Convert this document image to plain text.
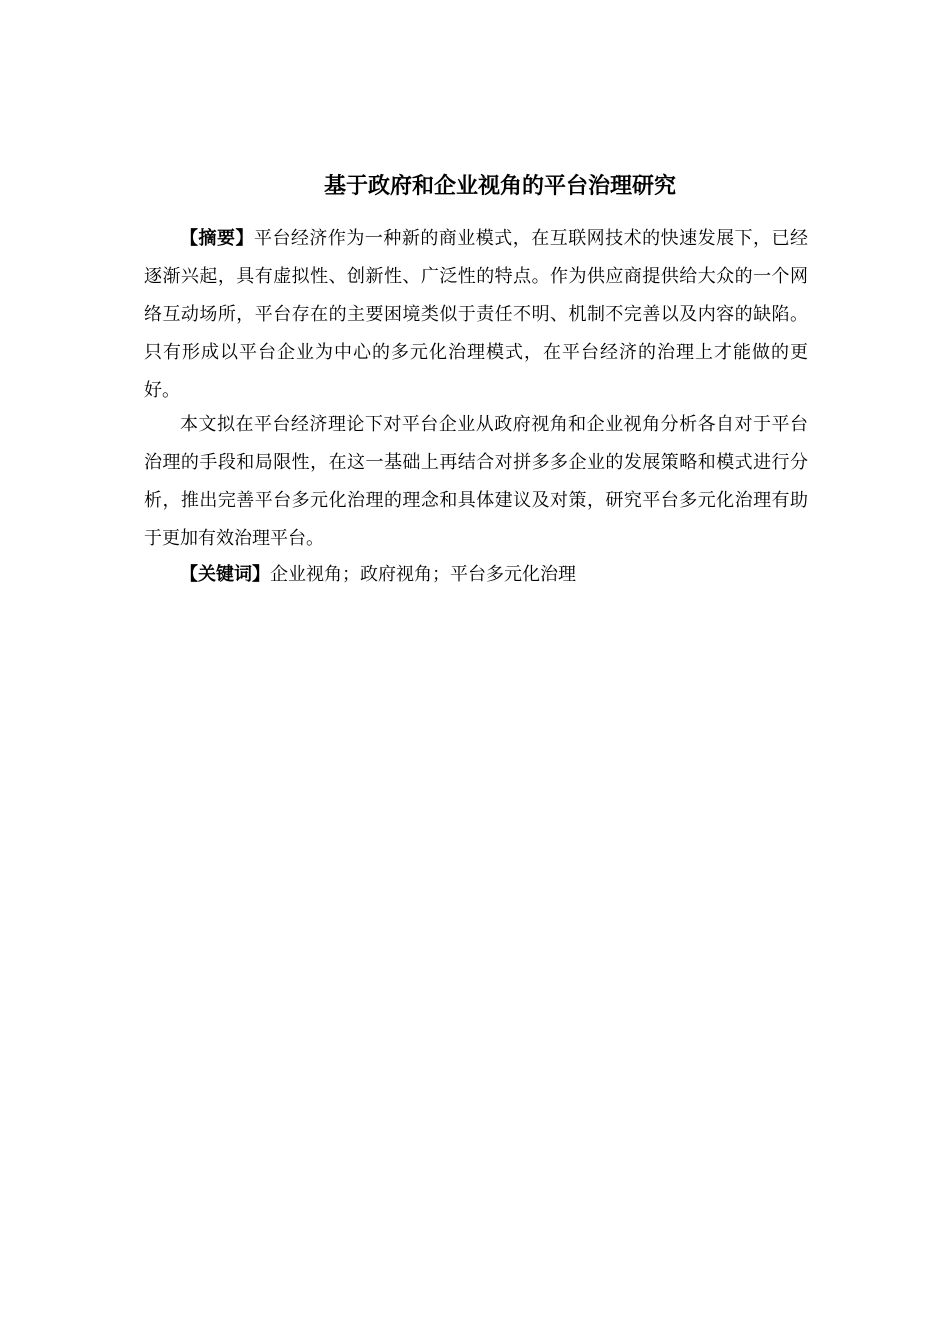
基于政府和企业视角的平台治理研究

【摘要】平台经济作为一种新的商业模式，在互联网技术的快速发展下，已经逐渐兴起，具有虚拟性、创新性、广泛性的特点。作为供应商提供给大众的一个网络互动场所，平台存在的主要困境类似于责任不明、机制不完善以及内容的缺陷。只有形成以平台企业为中心的多元化治理模式，在平台经济的治理上才能做的更好。

本文拟在平台经济理论下对平台企业从政府视角和企业视角分析各自对于平台治理的手段和局限性，在这一基础上再结合对拼多多企业的发展策略和模式进行分析，推出完善平台多元化治理的理念和具体建议及对策，研究平台多元化治理有助于更加有效治理平台。

【关键词】企业视角；政府视角；平台多元化治理
